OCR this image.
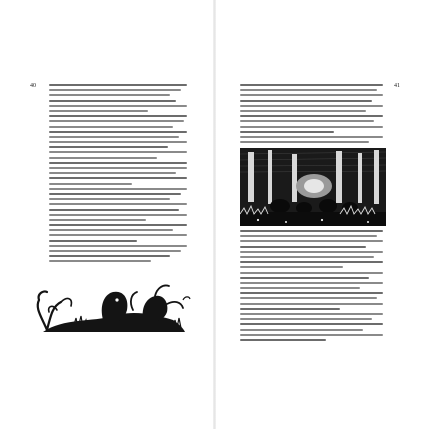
40	41
